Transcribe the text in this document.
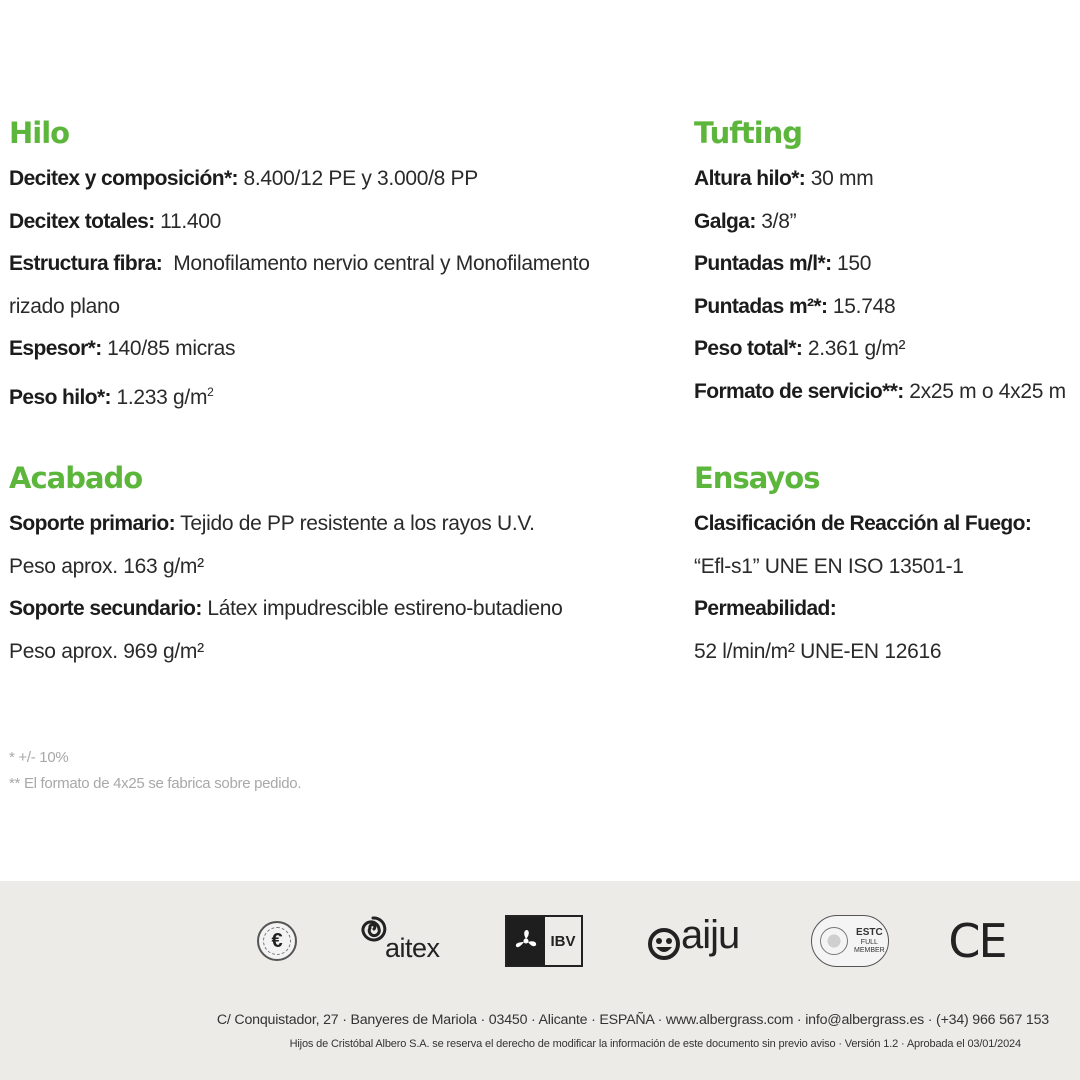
Hilo
Decitex y composición*: 8.400/12 PE y 3.000/8 PP
Decitex totales: 11.400
Estructura fibra:  Monofilamento nervio central y Monofilamento
rizado plano
Espesor*: 140/85 micras
Peso hilo*: 1.233 $g/m^2$
Acabado
Soporte primario: Tejido de PP resistente a los rayos U.V.
Peso aprox. 163 g/m²
Soporte secundario: Látex impudrescible estireno-butadieno
Peso aprox. 969 g/m²
Tufting
Altura hilo*: 30 mm
Galga: 3/8”
Puntadas m/l*: 150
Puntadas m²*: 15.748
Peso total*: 2.361 g/m²
Formato de servicio**: 2x25 m o 4x25 m
Ensayos
Clasificación de Reacción al Fuego:
“Efl-s1” UNE EN ISO 13501-1
Permeabilidad:
52 l/min/m² UNE-EN 12616
* +/- 10%
** El formato de 4x25 se fabrica sobre pedido.
€	aitex	IBV	aiju	ESTC
FULL
MEMBER CE
C/ Conquistador, 27 · Banyeres de Mariola · 03450 · Alicante · ESPAÑA · www.albergrass.com · info@albergrass.es · (+34) 966 567 153
Hijos de Cristóbal Albero S.A. se reserva el derecho de modificar la información de este documento sin previo aviso · Versión 1.2 · Aprobada el 03/01/2024
